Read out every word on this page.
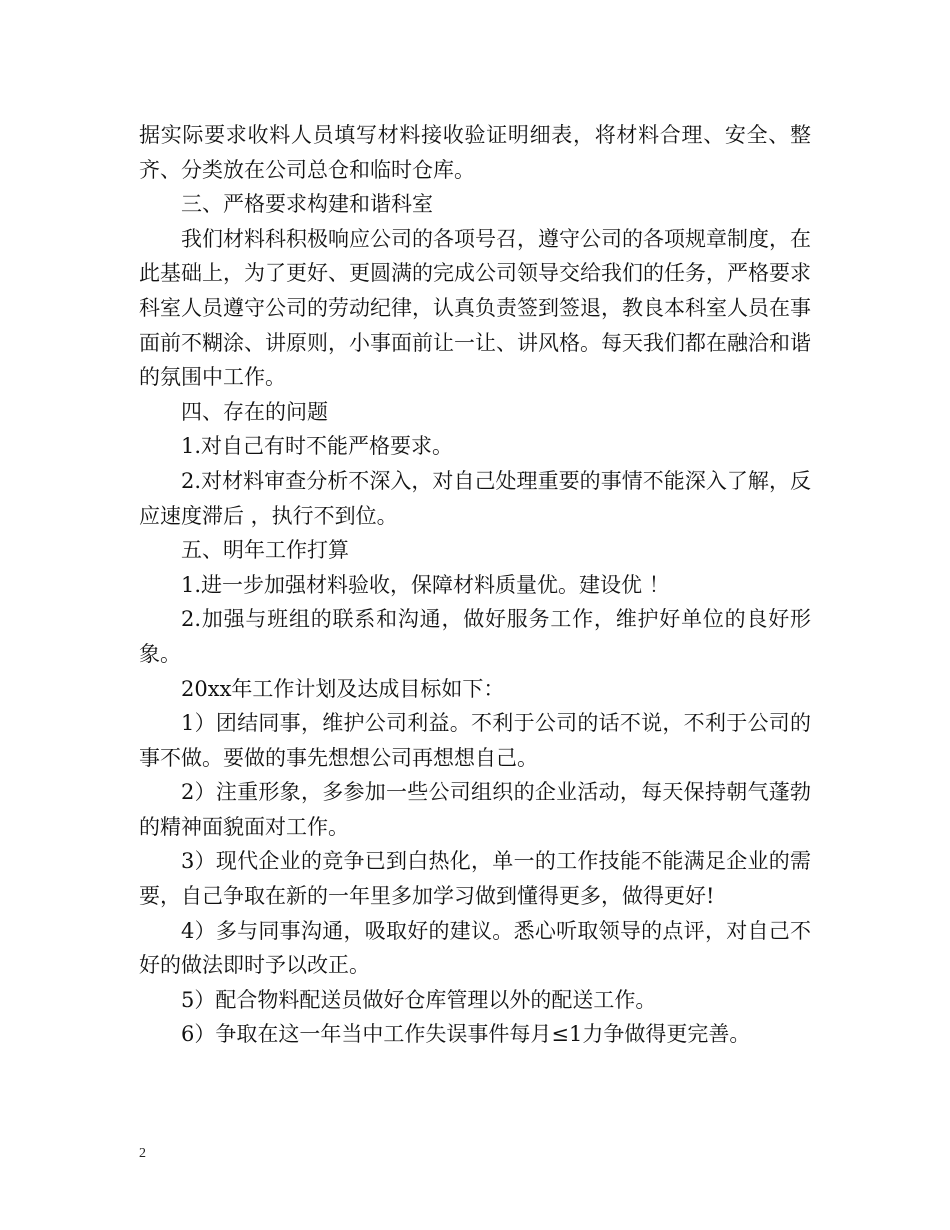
据实际要求收料人员填写材料接收验证明细表，将材料合理、安全、整齐、分类放在公司总仓和临时仓库。

三、严格要求构建和谐科室

我们材料科积极响应公司的各项号召，遵守公司的各项规章制度，在此基础上，为了更好、更圆满的完成公司领导交给我们的任务，严格要求科室人员遵守公司的劳动纪律，认真负责签到签退，教良本科室人员在事面前不糊涂、讲原则，小事面前让一让、讲风格。每天我们都在融洽和谐的氛围中工作。

四、存在的问题

1.对自己有时不能严格要求。

2.对材料审查分析不深入，对自己处理重要的事情不能深入了解，反应速度滞后 ，执行不到位。

五、明年工作打算

1.进一步加强材料验收，保障材料质量优。建设优 ！

2.加强与班组的联系和沟通，做好服务工作，维护好单位的良好形象。

20xx年工作计划及达成目标如下：

1）团结同事，维护公司利益。不利于公司的话不说，不利于公司的事不做。要做的事先想想公司再想想自己。

2）注重形象，多参加一些公司组织的企业活动，每天保持朝气蓬勃的精神面貌面对工作。

3）现代企业的竞争已到白热化，单一的工作技能不能满足企业的需要，自己争取在新的一年里多加学习做到懂得更多，做得更好!

4）多与同事沟通，吸取好的建议。悉心听取领导的点评，对自己不好的做法即时予以改正。

5）配合物料配送员做好仓库管理以外的配送工作。

6）争取在这一年当中工作失误事件每月≤1力争做得更完善。

2
